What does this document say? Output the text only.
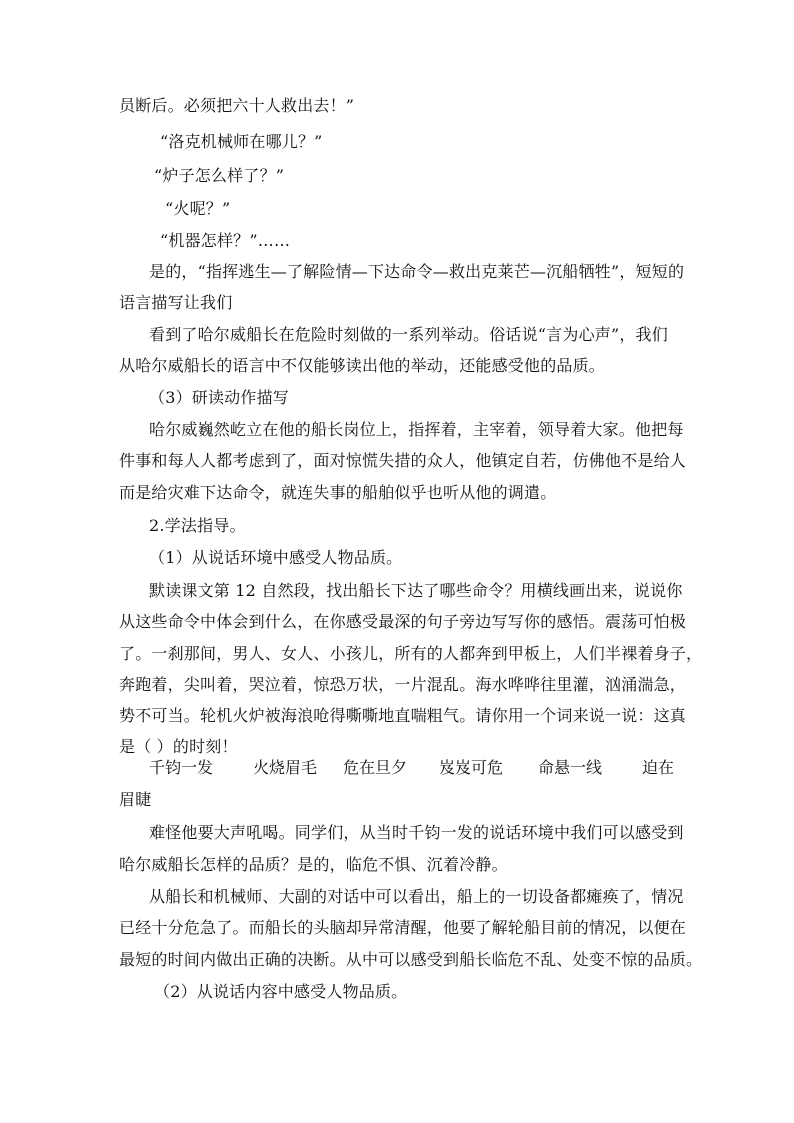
员断后。必须把六十人救出去！”
“洛克机械师在哪儿？”
“炉子怎么样了？”
“火呢？”
“机器怎样？”……
是的，“指挥逃生—了解险情—下达命令—救出克莱芒—沉船牺牲”，短短的
语言描写让我们
看到了哈尔威船长在危险时刻做的一系列举动。俗话说“言为心声”，我们
从哈尔威船长的语言中不仅能够读出他的举动，还能感受他的品质。
（3）研读动作描写
哈尔威巍然屹立在他的船长岗位上，指挥着，主宰着，领导着大家。他把每
件事和每人人都考虑到了，面对惊慌失措的众人，他镇定自若，仿佛他不是给人
而是给灾难下达命令，就连失事的船舶似乎也听从他的调遣。
2.学法指导。
（1）从说话环境中感受人物品质。
默读课文第 12 自然段，找出船长下达了哪些命令？用横线画出来，说说你
从这些命令中体会到什么，在你感受最深的句子旁边写写你的感悟。震荡可怕极
了。一刹那间，男人、女人、小孩儿，所有的人都奔到甲板上，人们半裸着身子，
奔跑着，尖叫着，哭泣着，惊恐万状，一片混乱。海水哗哗往里灌，汹涌湍急，
势不可当。轮机火炉被海浪呛得嘶嘶地直喘粗气。请你用一个词来说一说：这真
是（ ）的时刻！
千钧一发 火烧眉毛 危在旦夕 岌岌可危 命悬一线 迫在
眉睫
难怪他要大声吼喝。同学们，从当时千钧一发的说话环境中我们可以感受到
哈尔威船长怎样的品质？是的，临危不惧、沉着冷静。
从船长和机械师、大副的对话中可以看出，船上的一切设备都瘫痪了，情况
已经十分危急了。而船长的头脑却异常清醒，他要了解轮船目前的情况，以便在
最短的时间内做出正确的决断。从中可以感受到船长临危不乱、处变不惊的品质。
（2）从说话内容中感受人物品质。
